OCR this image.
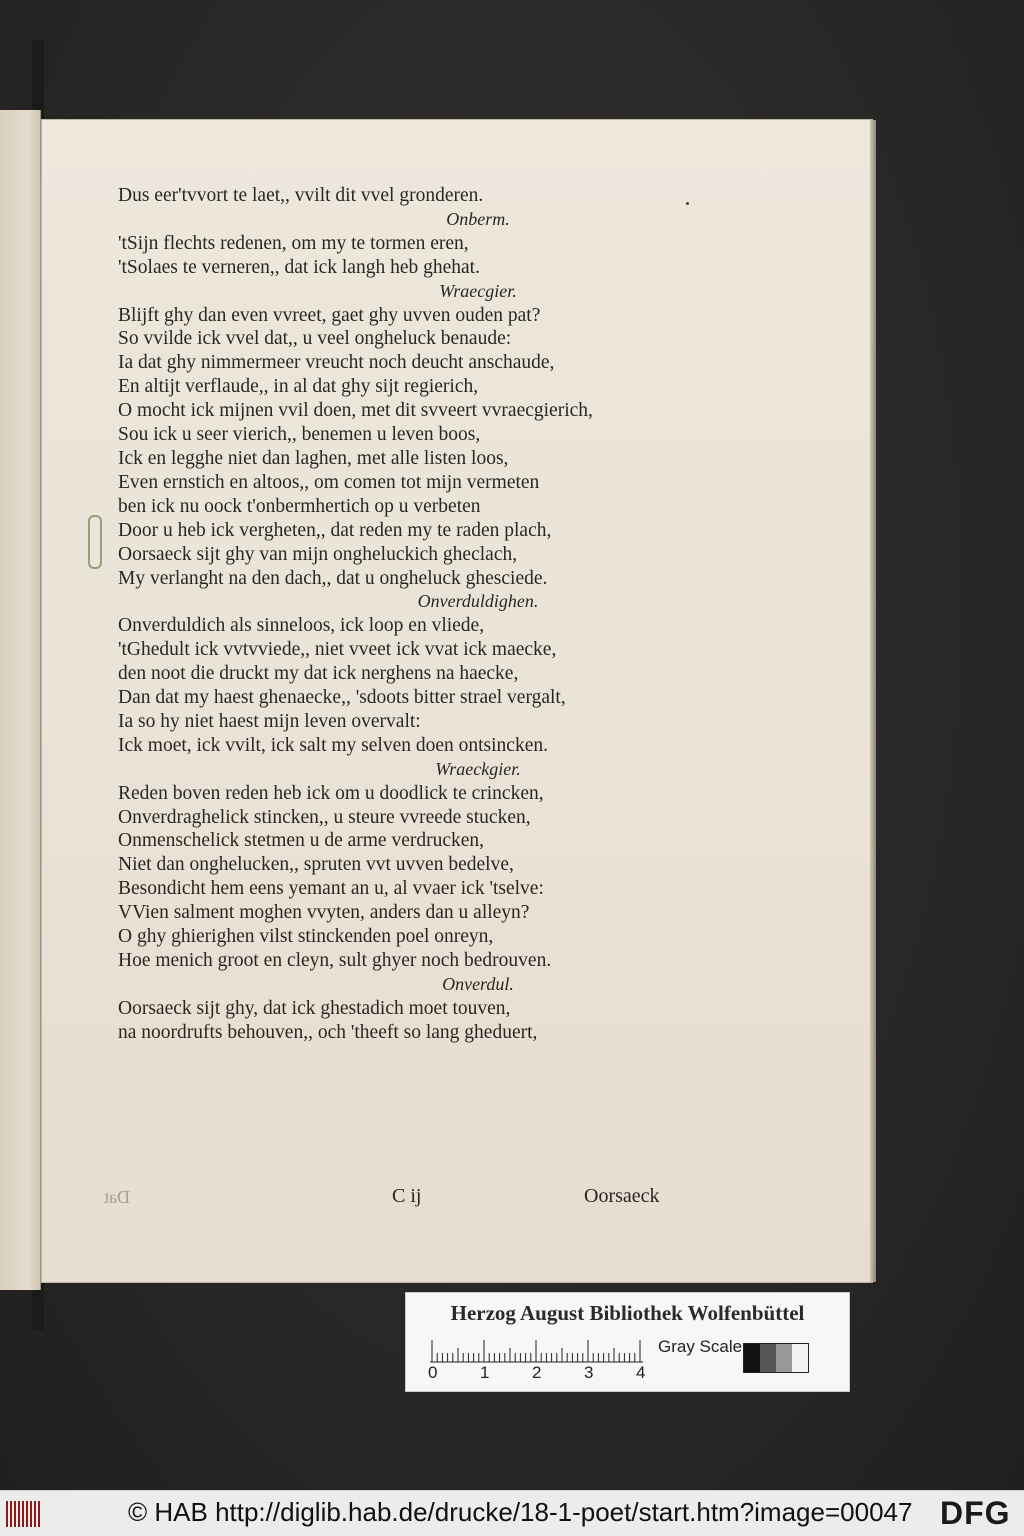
Dat	C ij	Oorsaeck
Dus eer'tvvort te laet,, vvilt dit vvel gronderen.
Onberm.
'tSijn flechts redenen, om my te tormen eren,
'tSolaes te verneren,, dat ick langh heb ghehat.
Wraecgier.
Blijft ghy dan even vvreet, gaet ghy uvven ouden pat?
So vvilde ick vvel dat,, u veel ongheluck benaude:
Ia dat ghy nimmermeer vreucht noch deucht anschaude,
En altijt verflaude,, in al dat ghy sijt regierich,
O mocht ick mijnen vvil doen, met dit svveert vvraecgierich,
Sou ick u seer vierich,, benemen u leven boos,
Ick en legghe niet dan laghen, met alle listen loos,
Even ernstich en altoos,, om comen tot mijn vermeten
ben ick nu oock t'onbermhertich op u verbeten
Door u heb ick vergheten,, dat reden my te raden plach,
Oorsaeck sijt ghy van mijn ongheluckich gheclach,
My verlanght na den dach,, dat u ongheluck ghesciede.
Onverduldighen.
Onverduldich als sinneloos, ick loop en vliede,
'tGhedult ick vvtvviede,, niet vveet ick vvat ick maecke,
den noot die druckt my dat ick nerghens na haecke,
Dan dat my haest ghenaecke,, 'sdoots bitter strael vergalt,
Ia so hy niet haest mijn leven overvalt:
Ick moet, ick vvilt, ick salt my selven doen ontsincken.
Wraeckgier.
Reden boven reden heb ick om u doodlick te crincken,
Onverdraghelick stincken,, u steure vvreede stucken,
Onmenschelick stetmen u de arme verdrucken,
Niet dan onghelucken,, spruten vvt uvven bedelve,
Besondicht hem eens yemant an u, al vvaer ick 'tselve:
VVien salment moghen vvyten, anders dan u alleyn?
O ghy ghierighen vilst stinckenden poel onreyn,
Hoe menich groot en cleyn, sult ghyer noch bedrouven.
Onverdul.
Oorsaeck sijt ghy, dat ick ghestadich moet touven,
na noordrufts behouven,, och 'theeft so lang gheduert,
Herzog August Bibliothek Wolfenbüttel
0	1	2	3	4
Gray Scale
© HAB http://diglib.hab.de/drucke/18-1-poet/start.htm?image=00047 DFG
